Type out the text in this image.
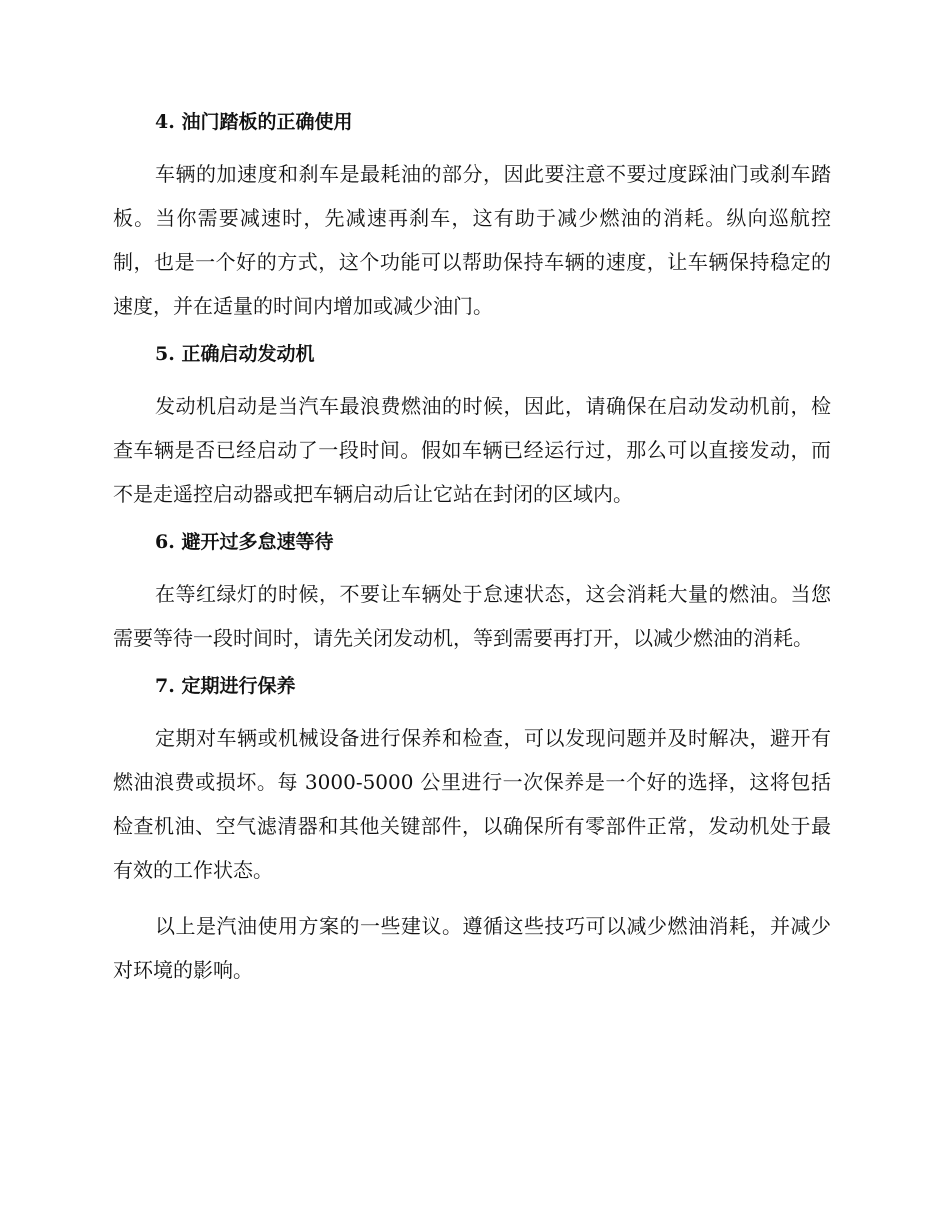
4. 油门踏板的正确使用

车辆的加速度和刹车是最耗油的部分，因此要注意不要过度踩油门或刹车踏板。当你需要减速时，先减速再刹车，这有助于减少燃油的消耗。纵向巡航控制，也是一个好的方式，这个功能可以帮助保持车辆的速度，让车辆保持稳定的速度，并在适量的时间内增加或减少油门。

5. 正确启动发动机

发动机启动是当汽车最浪费燃油的时候，因此，请确保在启动发动机前，检查车辆是否已经启动了一段时间。假如车辆已经运行过，那么可以直接发动，而不是走遥控启动器或把车辆启动后让它站在封闭的区域内。

6. 避开过多怠速等待

在等红绿灯的时候，不要让车辆处于怠速状态，这会消耗大量的燃油。当您需要等待一段时间时，请先关闭发动机，等到需要再打开，以减少燃油的消耗。

7. 定期进行保养

定期对车辆或机械设备进行保养和检查，可以发现问题并及时解决，避开有燃油浪费或损坏。每 3000-5000 公里进行一次保养是一个好的选择，这将包括检查机油、空气滤清器和其他关键部件，以确保所有零部件正常，发动机处于最有效的工作状态。

以上是汽油使用方案的一些建议。遵循这些技巧可以减少燃油消耗，并减少对环境的影响。
